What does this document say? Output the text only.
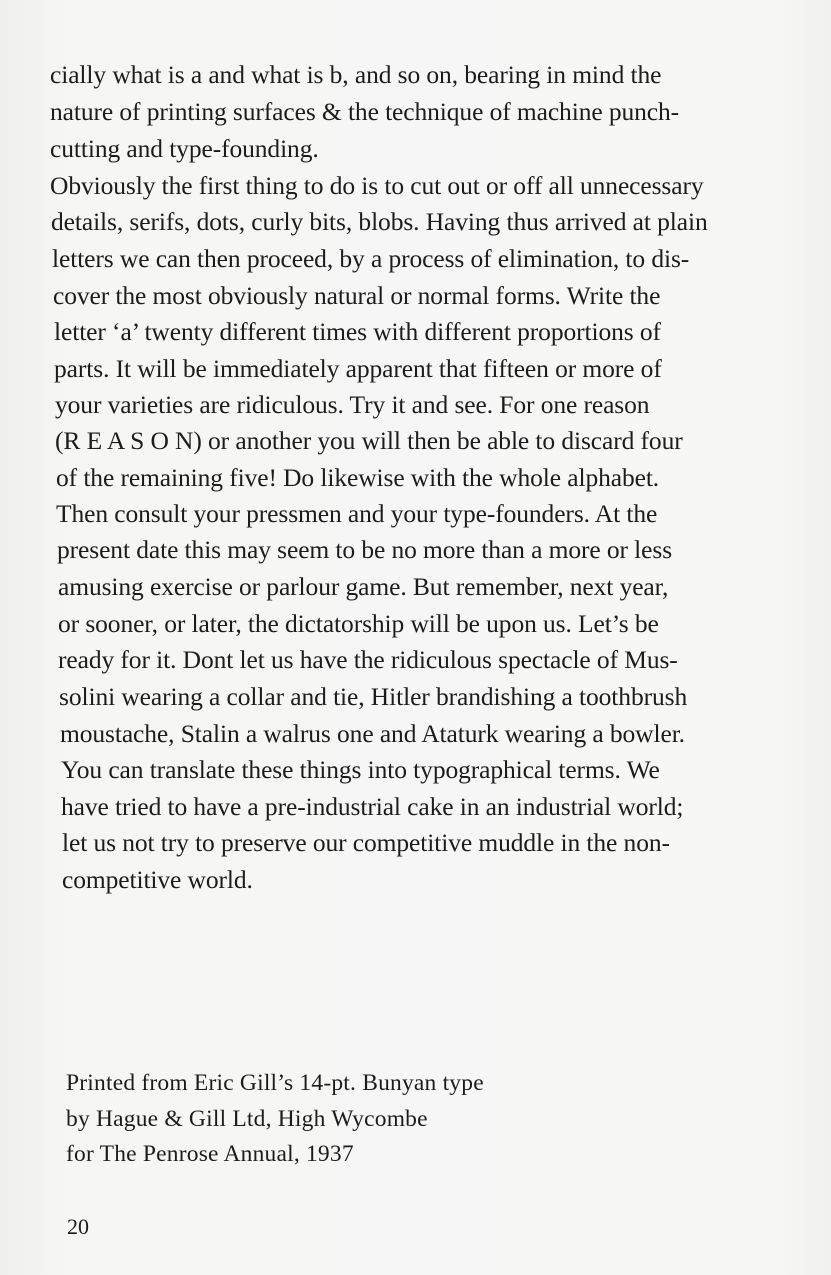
cially what is a and what is b, and so on, bearing in mind the
nature of printing surfaces & the technique of machine punch-
cutting and type-founding.
Obviously the first thing to do is to cut out or off all unnecessary
details, serifs, dots, curly bits, blobs. Having thus arrived at plain
letters we can then proceed, by a process of elimination, to dis-
cover the most obviously natural or normal forms. Write the
letter ‘a’ twenty different times with different proportions of
parts. It will be immediately apparent that fifteen or more of
your varieties are ridiculous. Try it and see. For one reason
(R E A S O N) or another you will then be able to discard four
of the remaining five! Do likewise with the whole alphabet.
Then consult your pressmen and your type-founders. At the
present date this may seem to be no more than a more or less
amusing exercise or parlour game. But remember, next year,
or sooner, or later, the dictatorship will be upon us. Let’s be
ready for it. Dont let us have the ridiculous spectacle of Mus-
solini wearing a collar and tie, Hitler brandishing a toothbrush
moustache, Stalin a walrus one and Ataturk wearing a bowler.
You can translate these things into typographical terms. We
have tried to have a pre-industrial cake in an industrial world;
let us not try to preserve our competitive muddle in the non-
competitive world.
Printed from Eric Gill’s 14-pt. Bunyan type
by Hague & Gill Ltd, High Wycombe
for The Penrose Annual, 1937
20
